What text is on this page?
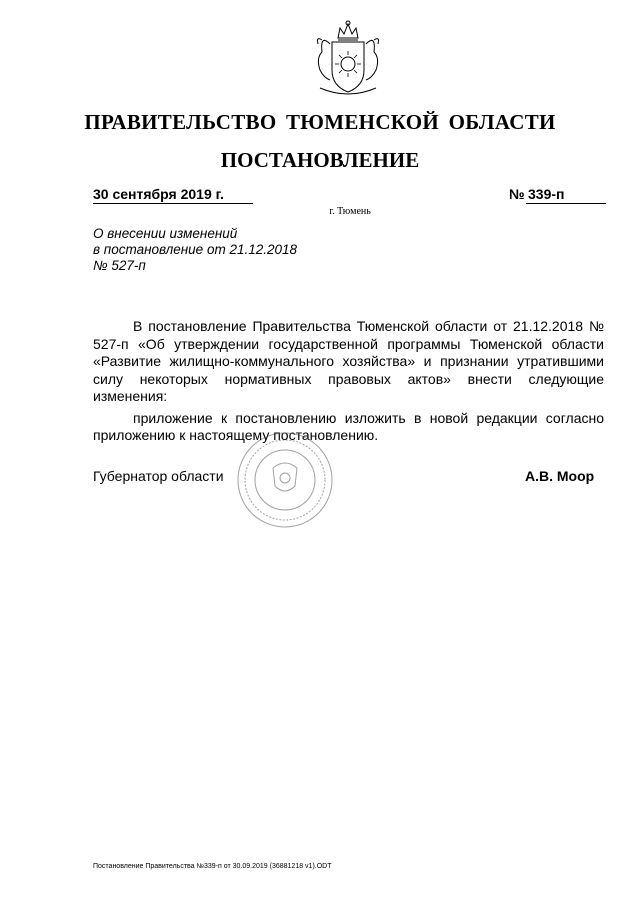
ПРАВИТЕЛЬСТВО ТЮМЕНСКОЙ ОБЛАСТИ
ПОСТАНОВЛЕНИЕ
30 сентября 2019 г.	№ 339-п
г. Тюмень
О внесении изменений
в постановление от 21.12.2018
№ 527-п

В постановление Правительства Тюменской области от 21.12.2018 № 527-п «Об утверждении государственной программы Тюменской области «Развитие жилищно-коммунального хозяйства» и признании утратившими силу некоторых нормативных правовых актов» внести следующие изменения:

приложение к постановлению изложить в новой редакции согласно приложению к настоящему постановлению.

Губернатор области	А.В. Моор
Постановление Правительства №339-п от 30.09.2019 (36881218 v1).ODT
